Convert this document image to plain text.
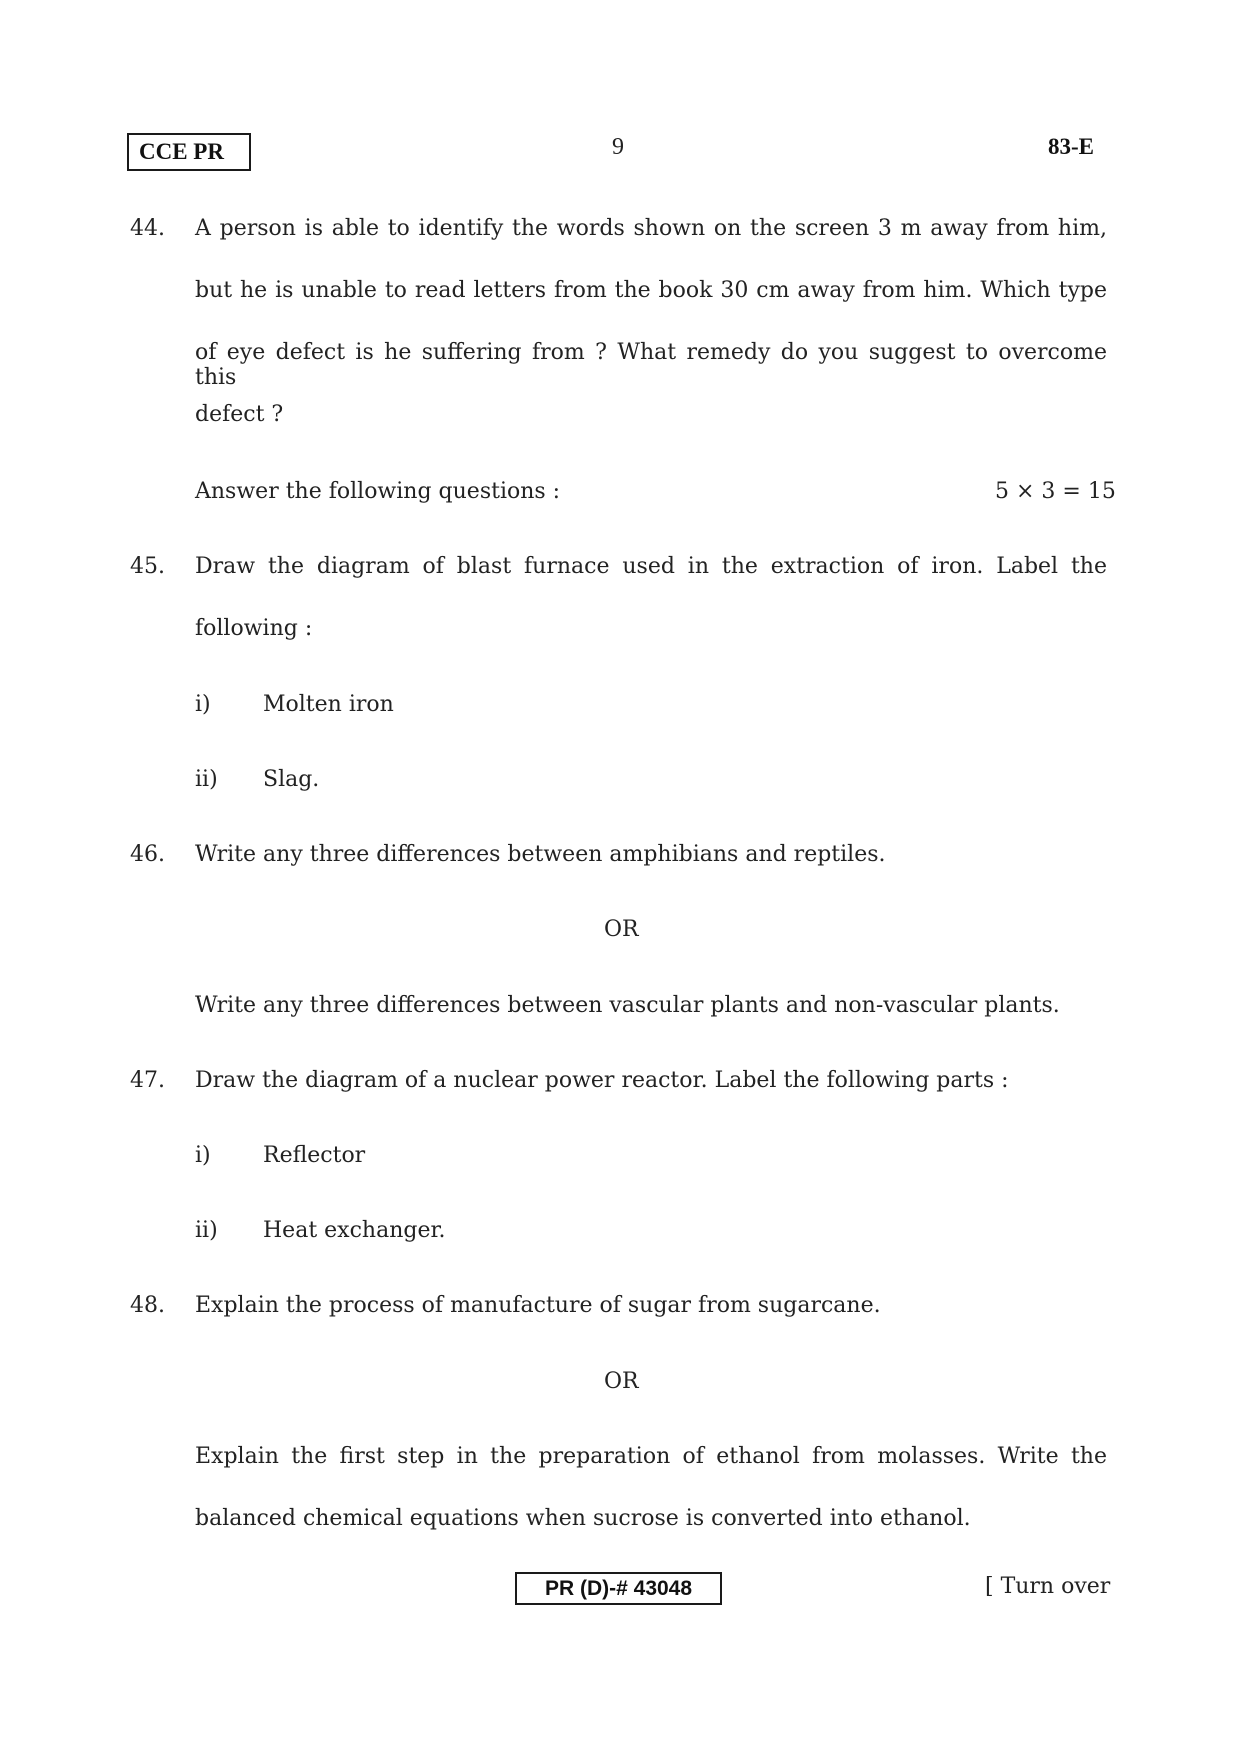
CCE PR	9	83-E
44. A person is able to identify the words shown on the screen 3 m away from him,
but he is unable to read letters from the book 30 cm away from him. Which type
of eye defect is he suffering from ? What remedy do you suggest to overcome this
defect ?
Answer the following questions :	5 × 3 = 15
45. Draw the diagram of blast furnace used in the extraction of iron. Label the
following :
i) Molten iron
ii) Slag.
46. Write any three differences between amphibians and reptiles.
OR
Write any three differences between vascular plants and non-vascular plants.
47. Draw the diagram of a nuclear power reactor. Label the following parts :
i) Reflector
ii) Heat exchanger.
48. Explain the process of manufacture of sugar from sugarcane.
OR
Explain the first step in the preparation of ethanol from molasses. Write the
balanced chemical equations when sucrose is converted into ethanol.
PR (D)-# 43048	[ Turn over
